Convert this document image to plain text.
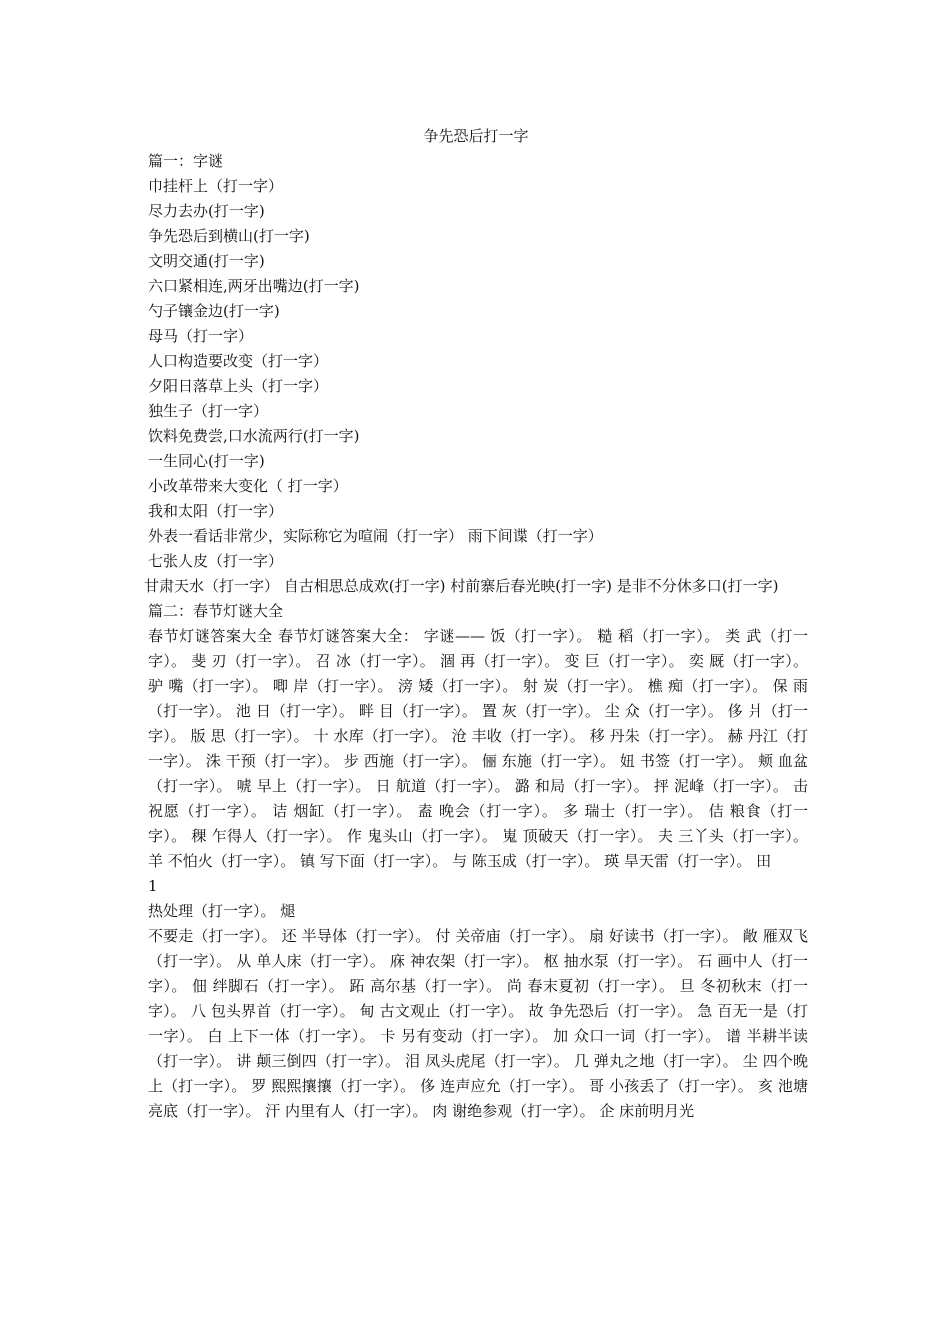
争先恐后打一字

篇一：字谜

巾挂杆上（打一字）

尽力去办(打一字)

争先恐后到横山(打一字)

文明交通(打一字)

六口紧相连,两牙出嘴边(打一字)

勺子镶金边(打一字)

母马（打一字）

人口构造要改变（打一字）

夕阳日落草上头（打一字）

独生子（打一字）

饮料免费尝,口水流两行(打一字)

一生同心(打一字)

小改革带来大变化（ 打一字）

我和太阳（打一字）

外表一看话非常少，实际称它为喧闹（打一字） 雨下间谍（打一字）

七张人皮（打一字）

甘肃天水（打一字） 自古相思总成欢(打一字) 村前寨后春光映(打一字) 是非不分休多口(打一字)

篇二：春节灯谜大全

春节灯谜答案大全 春节灯谜答案大全： 字谜—— 饭（打一字）。 糙 稻（打一字）。 类 武（打一字）。 斐 刃（打一字）。 召 冰（打一字）。 涸 再（打一字）。 变 巨（打一字）。 奕 厩（打一字）。 驴 嘴（打一字）。 唧 岸（打一字）。 滂 矮（打一字）。 射 炭（打一字）。 樵 痴（打一字）。 保 雨（打一字）。 池 日（打一字）。 畔 目（打一字）。 置 灰（打一字）。 尘 众（打一字）。 侈 爿（打一字）。 版 思（打一字）。 十 水库（打一字）。 沧 丰收（打一字）。 移 丹朱（打一字）。 赫 丹江（打一字）。 洙 干预（打一字）。 步 西施（打一字）。 俪 东施（打一字）。 妞 书签（打一字）。 颊 血盆（打一字）。 唬 早上（打一字）。 日 航道（打一字）。 潞 和局（打一字）。 抨 泥峰（打一字）。 击 祝愿（打一字）。 诘 烟缸（打一字）。 盍 晚会（打一字）。 多 瑞士（打一字）。 佶 粮食（打一字）。 稞 乍得人（打一字）。 作 鬼头山（打一字）。 嵬 顶破天（打一字）。 夫 三丫头（打一字）。 羊 不怕火（打一字）。 镇 写下面（打一字）。 与 陈玉成（打一字）。 瑛 旱天雷（打一字）。 田

1

热处理（打一字）。 煺

不要走（打一字）。 还 半导体（打一字）。 付 关帝庙（打一字）。 扇 好读书（打一字）。 敞 雁双飞（打一字）。 从 单人床（打一字）。 庥 神农架（打一字）。 枢 抽水泵（打一字）。 石 画中人（打一字）。 佃 绊脚石（打一字）。 跖 高尔基（打一字）。 尚 春末夏初（打一字）。 旦 冬初秋末（打一字）。 八 包头界首（打一字）。 甸 古文观止（打一字）。 故 争先恐后（打一字）。 急 百无一是（打一字）。 白 上下一体（打一字）。 卡 另有变动（打一字）。 加 众口一词（打一字）。 谱 半耕半读（打一字）。 讲 颠三倒四（打一字）。 泪 凤头虎尾（打一字）。 几 弹丸之地（打一字）。 尘 四个晚上（打一字）。 罗 熙熙攘攘（打一字）。 侈 连声应允（打一字）。 哥 小孩丢了（打一字）。 亥 池塘亮底（打一字）。 汗 内里有人（打一字）。 肉 谢绝参观（打一字）。 企 床前明月光
